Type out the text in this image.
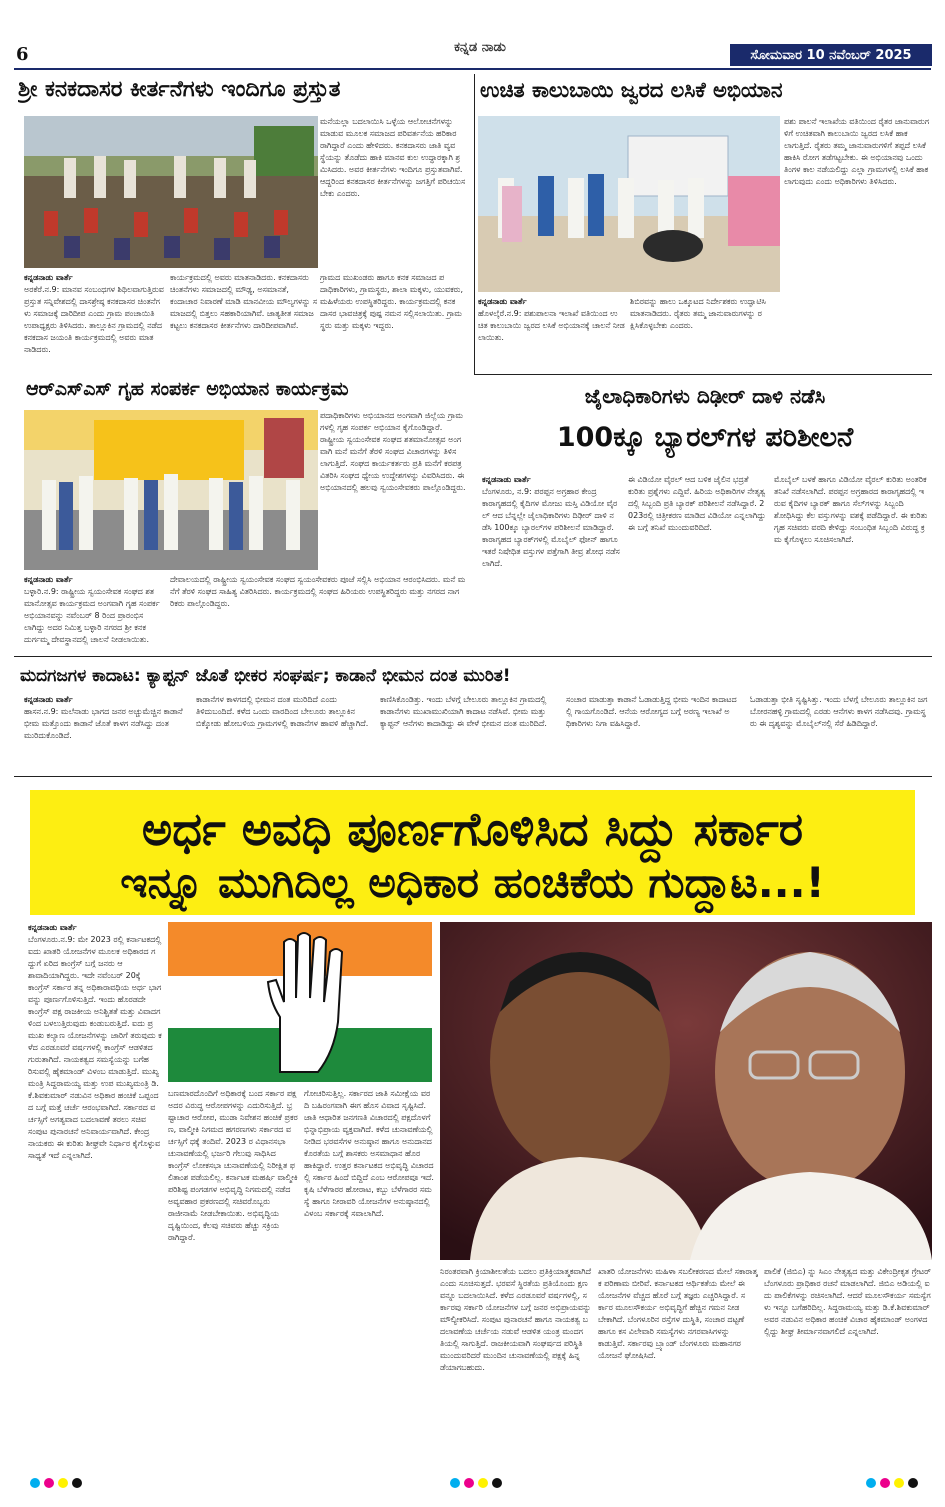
6	ಕನ್ನಡ ನಾಡು	ಸೋಮವಾರ 10 ನವೆಂಬರ್ 2025
ಶ್ರೀ ಕನಕದಾಸರ ಕೀರ್ತನೆಗಳು ಇಂದಿಗೂ ಪ್ರಸ್ತುತ
ಮನೆಯಲ್ಲಾ ಬದಲಾಯಿಸಿ ಒಳ್ಳೆಯ ಆಲೋಚನೆಗಳನ್ನು ಮಾಡುವ ಮೂಲಕ ಸಮಾಜದ ಪರಿವರ್ತನೆಯ ಹರಿಕಾರರಾಗಿದ್ದಾರೆ ಎಂದು ಹೇಳಿದರು. ಕನಕದಾಸರು ಜಾತಿ ವ್ಯವಸ್ಥೆಯನ್ನು ತೊಡೆದು ಹಾಕಿ ಮಾನವ ಕುಲ ಉದ್ಧಾರಕ್ಕಾಗಿ ಶ್ರಮಿಸಿದರು. ಅವರ ಕೀರ್ತನೆಗಳು ಇಂದಿಗೂ ಪ್ರಸ್ತುತವಾಗಿವೆ. ಆದ್ದರಿಂದ ಕನಕದಾಸರ ಕೀರ್ತನೆಗಳನ್ನು ಜಗತ್ತಿಗೆ ಪರಿಚಯಿಸಬೇಕು ಎಂದರು.
ಕನ್ನಡನಾಡು ವಾರ್ತೆ
ಅರಕೆರೆ.ನ.9: ಮಾನವ ಸಂಬಂಧಗಳ ಶಿಥಿಲವಾಗುತ್ತಿರುವ ಪ್ರಸ್ತುತ ಸನ್ನಿವೇಶದಲ್ಲಿ ದಾಸಶ್ರೇಷ್ಠ ಕನಕದಾಸರ ಚಿಂತನೆಗಳು ಸಮಾಜಕ್ಕೆ ದಾರಿದೀಪ ಎಂದು ಗ್ರಾಮ ಪಂಚಾಯಿತಿ ಉಪಾಧ್ಯಕ್ಷರು ತಿಳಿಸಿದರು. ತಾಲ್ಲೂಕಿನ ಗ್ರಾಮದಲ್ಲಿ ನಡೆದ ಕನಕದಾಸ ಜಯಂತಿ ಕಾರ್ಯಕ್ರಮದಲ್ಲಿ ಅವರು ಮಾತನಾಡಿದರು.
ಕಾರ್ಯಕ್ರಮದಲ್ಲಿ ಅವರು ಮಾತನಾಡಿದರು. ಕನಕದಾಸರು ಚಿಂತನೆಗಳು ಸಮಾಜದಲ್ಲಿ ಮೌಢ್ಯ, ಅಸಮಾನತೆ, ಕಂದಾಚಾರ ನಿವಾರಣೆ ಮಾಡಿ ಮಾನವೀಯ ಮೌಲ್ಯಗಳನ್ನು ಸಮಾಜದಲ್ಲಿ ಬಿತ್ತಲು ಸಹಕಾರಿಯಾಗಿವೆ. ಜಾತ್ಯತೀತ ಸಮಾಜ ಕಟ್ಟಲು ಕನಕದಾಸರ ಕೀರ್ತನೆಗಳು ದಾರಿದೀಪವಾಗಿವೆ.
ಗ್ರಾಮದ ಮುಖಂಡರು ಹಾಗೂ ಕನಕ ಸಮಾಜದ ಪದಾಧಿಕಾರಿಗಳು, ಗ್ರಾಮಸ್ಥರು, ಶಾಲಾ ಮಕ್ಕಳು, ಯುವಕರು, ಮಹಿಳೆಯರು ಉಪಸ್ಥಿತರಿದ್ದರು. ಕಾರ್ಯಕ್ರಮದಲ್ಲಿ ಕನಕದಾಸರ ಭಾವಚಿತ್ರಕ್ಕೆ ಪುಷ್ಪ ನಮನ ಸಲ್ಲಿಸಲಾಯಿತು. ಗ್ರಾಮಸ್ಥರು ಮತ್ತು ಮಕ್ಕಳು ಇದ್ದರು.
ಉಚಿತ ಕಾಲುಬಾಯಿ ಜ್ವರದ ಲಸಿಕೆ ಅಭಿಯಾನ
ಪಶು ಪಾಲನೆ ಇಲಾಖೆಯ ವತಿಯಿಂದ ರೈತರ ಜಾನುವಾರುಗಳಿಗೆ ಉಚಿತವಾಗಿ ಕಾಲುಬಾಯಿ ಜ್ವರದ ಲಸಿಕೆ ಹಾಕಲಾಗುತ್ತಿದೆ. ರೈತರು ತಮ್ಮ ಜಾನುವಾರುಗಳಿಗೆ ತಪ್ಪದೆ ಲಸಿಕೆ ಹಾಕಿಸಿ ರೋಗ ತಡೆಗಟ್ಟಬೇಕು. ಈ ಅಭಿಯಾನವು ಒಂದು ತಿಂಗಳ ಕಾಲ ನಡೆಯಲಿದ್ದು ಎಲ್ಲಾ ಗ್ರಾಮಗಳಲ್ಲಿ ಲಸಿಕೆ ಹಾಕಲಾಗುವುದು ಎಂದು ಅಧಿಕಾರಿಗಳು ತಿಳಿಸಿದರು.
ಕನ್ನಡನಾಡು ವಾರ್ತೆ
ಹೊಳಲ್ಕೆರೆ.ನ.9: ಪಶುಪಾಲನಾ ಇಲಾಖೆ ವತಿಯಿಂದ ಉಚಿತ ಕಾಲುಬಾಯಿ ಜ್ವರದ ಲಸಿಕೆ ಅಭಿಯಾನಕ್ಕೆ ಚಾಲನೆ ನೀಡಲಾಯಿತು.
ಶಿಬಿರವನ್ನು ಹಾಲು ಒಕ್ಕೂಟದ ನಿರ್ದೇಶಕರು ಉದ್ಘಾಟಿಸಿ ಮಾತನಾಡಿದರು. ರೈತರು ತಮ್ಮ ಜಾನುವಾರುಗಳನ್ನು ರಕ್ಷಿಸಿಕೊಳ್ಳಬೇಕು ಎಂದರು.
ಆರ್‌ಎಸ್‌ಎಸ್ ಗೃಹ ಸಂಪರ್ಕ ಅಭಿಯಾನ ಕಾರ್ಯಕ್ರಮ
ಪದಾಧಿಕಾರಿಗಳು ಅಭಿಯಾನದ ಅಂಗವಾಗಿ ಜಿಲ್ಲೆಯ ಗ್ರಾಮಗಳಲ್ಲಿ ಗೃಹ ಸಂಪರ್ಕ ಅಭಿಯಾನ ಕೈಗೊಂಡಿದ್ದಾರೆ. ರಾಷ್ಟ್ರೀಯ ಸ್ವಯಂಸೇವಕ ಸಂಘದ ಶತಮಾನೋತ್ಸವ ಅಂಗವಾಗಿ ಮನೆ ಮನೆಗೆ ತೆರಳಿ ಸಂಘದ ವಿಚಾರಗಳನ್ನು ತಿಳಿಸಲಾಗುತ್ತಿದೆ. ಸಂಘದ ಕಾರ್ಯಕರ್ತರು ಪ್ರತಿ ಮನೆಗೆ ಕರಪತ್ರ ವಿತರಿಸಿ ಸಂಘದ ಧ್ಯೇಯ ಉದ್ದೇಶಗಳನ್ನು ವಿವರಿಸಿದರು. ಈ ಅಭಿಯಾನದಲ್ಲಿ ಹಲವು ಸ್ವಯಂಸೇವಕರು ಪಾಲ್ಗೊಂಡಿದ್ದರು.
ಕನ್ನಡನಾಡು ವಾರ್ತೆ
ಬಳ್ಳಾರಿ.ನ.9: ರಾಷ್ಟ್ರೀಯ ಸ್ವಯಂಸೇವಕ ಸಂಘದ ಶತಮಾನೋತ್ಸವ ಕಾರ್ಯಕ್ರಮದ ಅಂಗವಾಗಿ ಗೃಹ ಸಂಪರ್ಕ ಅಭಿಯಾನವನ್ನು ನವೆಂಬರ್ 8 ರಿಂದ ಪ್ರಾರಂಭಿಸಲಾಗಿದ್ದು ಅದರ ನಿಮಿತ್ತ ಬಳ್ಳಾರಿ ನಗರದ ಶ್ರೀ ಕನಕ ದುರ್ಗಮ್ಮ ದೇವಸ್ಥಾನದಲ್ಲಿ ಚಾಲನೆ ನೀಡಲಾಯಿತು.
ದೇವಾಲಯದಲ್ಲಿ ರಾಷ್ಟ್ರೀಯ ಸ್ವಯಂಸೇವಕ ಸಂಘದ ಸ್ವಯಂಸೇವಕರು ಪೂಜೆ ಸಲ್ಲಿಸಿ ಅಭಿಯಾನ ಆರಂಭಿಸಿದರು. ಮನೆ ಮನೆಗೆ ತೆರಳಿ ಸಂಘದ ಸಾಹಿತ್ಯ ವಿತರಿಸಿದರು. ಕಾರ್ಯಕ್ರಮದಲ್ಲಿ ಸಂಘದ ಹಿರಿಯರು ಉಪಸ್ಥಿತರಿದ್ದರು ಮತ್ತು ನಗರದ ನಾಗರಿಕರು ಪಾಲ್ಗೊಂಡಿದ್ದರು.
ಜೈಲಾಧಿಕಾರಿಗಳು ದಿಢೀರ್ ದಾಳಿ ನಡೆಸಿ
100ಕ್ಕೂ ಬ್ಯಾರಲ್‌ಗಳ ಪರಿಶೀಲನೆ
ಕನ್ನಡನಾಡು ವಾರ್ತೆ
ಬೆಂಗಳೂರು, ನ.9: ಪರಪ್ಪನ ಅಗ್ರಹಾರ ಕೇಂದ್ರ ಕಾರಾಗೃಹದಲ್ಲಿ ಕೈದಿಗಳ ಮೋಜು ಮಸ್ತಿ ವಿಡಿಯೋ ವೈರಲ್ ಆದ ಬೆನ್ನಲ್ಲೇ ಜೈಲಾಧಿಕಾರಿಗಳು ದಿಢೀರ್ ದಾಳಿ ನಡೆಸಿ 100ಕ್ಕೂ ಬ್ಯಾರಲ್‌ಗಳ ಪರಿಶೀಲನೆ ಮಾಡಿದ್ದಾರೆ. ಕಾರಾಗೃಹದ ಬ್ಯಾರಕ್‌ಗಳಲ್ಲಿ ಮೊಬೈಲ್ ಫೋನ್ ಹಾಗೂ ಇತರೆ ನಿಷೇಧಿತ ವಸ್ತುಗಳ ಪತ್ತೆಗಾಗಿ ತೀವ್ರ ಶೋಧ ನಡೆಸಲಾಗಿದೆ.
ಈ ವಿಡಿಯೋ ವೈರಲ್ ಆದ ಬಳಿಕ ಜೈಲಿನ ಭದ್ರತೆ ಕುರಿತು ಪ್ರಶ್ನೆಗಳು ಎದ್ದಿವೆ. ಹಿರಿಯ ಅಧಿಕಾರಿಗಳ ನೇತೃತ್ವದಲ್ಲಿ ಸಿಬ್ಬಂದಿ ಪ್ರತಿ ಬ್ಯಾರಕ್ ಪರಿಶೀಲನೆ ನಡೆಸಿದ್ದಾರೆ. 2023ರಲ್ಲಿ ಚಿತ್ರೀಕರಣ ಮಾಡಿದ ವಿಡಿಯೋ ಎನ್ನಲಾಗಿದ್ದು ಈ ಬಗ್ಗೆ ತನಿಖೆ ಮುಂದುವರಿದಿದೆ.
ಮೊಬೈಲ್ ಬಳಕೆ ಹಾಗೂ ವಿಡಿಯೋ ವೈರಲ್ ಕುರಿತು ಅಂತರಿಕ ತನಿಖೆ ನಡೆಸಲಾಗಿದೆ. ಪರಪ್ಪನ ಅಗ್ರಹಾರದ ಕಾರಾಗೃಹದಲ್ಲಿ ಇರುವ ಕೈದಿಗಳ ಬ್ಯಾರಕ್ ಹಾಗೂ ಸೆಲ್‌ಗಳನ್ನು ಸಿಬ್ಬಂದಿ ಶೋಧಿಸಿದ್ದು ಕೆಲ ವಸ್ತುಗಳನ್ನು ವಶಕ್ಕೆ ಪಡೆದಿದ್ದಾರೆ. ಈ ಕುರಿತು ಗೃಹ ಸಚಿವರು ವರದಿ ಕೇಳಿದ್ದು ಸಂಬಂಧಿತ ಸಿಬ್ಬಂದಿ ವಿರುದ್ಧ ಕ್ರಮ ಕೈಗೊಳ್ಳಲು ಸೂಚಿಸಲಾಗಿದೆ.
ಮದಗಜಗಳ ಕಾದಾಟ: ಕ್ಯಾಪ್ಟನ್ ಜೊತೆ ಭೀಕರ ಸಂಘರ್ಷ; ಕಾಡಾನೆ ಭೀಮನ ದಂತ ಮುರಿತ!
ಕನ್ನಡನಾಡು ವಾರ್ತೆ
ಹಾಸನ.ನ.9: ಮಲೆನಾಡು ಭಾಗದ ಜನರ ಅಚ್ಚುಮೆಚ್ಚಿನ ಕಾಡಾನೆ ಭೀಮ ಮತ್ತೊಂದು ಕಾಡಾನೆ ಜೊತೆ ಕಾಳಗ ನಡೆಸಿದ್ದು ದಂತ ಮುರಿದುಕೊಂಡಿದೆ.
ಕಾಡಾನೆಗಳ ಕಾಳಗದಲ್ಲಿ ಭೀಮನ ದಂತ ಮುರಿದಿದೆ ಎಂದು ತಿಳಿದುಬಂದಿದೆ. ಕಳೆದ ಒಂದು ವಾರದಿಂದ ಬೇಲೂರು ತಾಲ್ಲೂಕಿನ ಬಿಕ್ಕೋಡು ಹೋಬಳಿಯ ಗ್ರಾಮಗಳಲ್ಲಿ ಕಾಡಾನೆಗಳ ಹಾವಳಿ ಹೆಚ್ಚಾಗಿದೆ.
ಕಾಣಿಸಿಕೊಂಡಿತ್ತು. ಇಂದು ಬೆಳಗ್ಗೆ ಬೇಲೂರು ತಾಲ್ಲೂಕಿನ ಗ್ರಾಮದಲ್ಲಿ ಕಾಡಾನೆಗಳು ಮುಖಾಮುಖಿಯಾಗಿ ಕಾದಾಟ ನಡೆಸಿವೆ. ಭೀಮ ಮತ್ತು ಕ್ಯಾಪ್ಟನ್ ಆನೆಗಳು ಕಾದಾಡಿದ್ದು ಈ ವೇಳೆ ಭೀಮನ ದಂತ ಮುರಿದಿದೆ.
ಸಂಚಾರ ಮಾಡುತ್ತಾ ಕಾಡಾನೆ ಓಡಾಡುತ್ತಿದ್ದ ಭೀಮ ಇಂದಿನ ಕಾದಾಟದಲ್ಲಿ ಗಾಯಗೊಂಡಿದೆ. ಆನೆಯ ಆರೋಗ್ಯದ ಬಗ್ಗೆ ಅರಣ್ಯ ಇಲಾಖೆ ಅಧಿಕಾರಿಗಳು ನಿಗಾ ವಹಿಸಿದ್ದಾರೆ.
ಓಡಾಡುತ್ತಾ ಭೀತಿ ಸೃಷ್ಟಿಸಿತ್ತು. ಇಂದು ಬೆಳಗ್ಗೆ ಬೇಲೂರು ತಾಲ್ಲೂಕಿನ ಜಗಬೋರನಹಳ್ಳಿ ಗ್ರಾಮದಲ್ಲಿ ಎರಡು ಆನೆಗಳು ಕಾಳಗ ನಡೆಸಿದವು. ಗ್ರಾಮಸ್ಥರು ಈ ದೃಶ್ಯವನ್ನು ಮೊಬೈಲ್‌ನಲ್ಲಿ ಸೆರೆ ಹಿಡಿದಿದ್ದಾರೆ.
ಅರ್ಧ ಅವಧಿ ಪೂರ್ಣಗೊಳಿಸಿದ ಸಿದ್ದು ಸರ್ಕಾರ
ಇನ್ನೂ ಮುಗಿದಿಲ್ಲ ಅಧಿಕಾರ ಹಂಚಿಕೆಯ ಗುದ್ದಾಟ...!
ಕನ್ನಡನಾಡು ವಾರ್ತೆ
ಬೆಂಗಳೂರು.ನ.9: ಮೇ 2023 ರಲ್ಲಿ ಕರ್ನಾಟಕದಲ್ಲಿ ಐದು ಖಾತರಿ ಯೋಜನೆಗಳ ಮೂಲಕ ಅಧಿಕಾರದ ಗದ್ದುಗೆ ಏರಿದ ಕಾಂಗ್ರೆಸ್ ಬಗ್ಗೆ ಜನರು ಆಶಾವಾದಿಯಾಗಿದ್ದರು. ಇದೇ ನವೆಂಬರ್ 20ಕ್ಕೆ ಕಾಂಗ್ರೆಸ್ ಸರ್ಕಾರ ತನ್ನ ಅಧಿಕಾರಾವಧಿಯ ಅರ್ಧ ಭಾಗವನ್ನು ಪೂರ್ಣಗೊಳಿಸುತ್ತಿದೆ. ಇಂದು ಹೊರಡದೇ ಕಾಂಗ್ರೆಸ್ ಪಕ್ಷ ರಾಜಕೀಯ ಅನಿಶ್ಚಿತತೆ ಮತ್ತು ವಿವಾದಗಳಿಂದ ಬಳಲುತ್ತಿರುವುದು ಕಂಡುಬರುತ್ತಿದೆ. ಐದು ಪ್ರಮುಖ ಕಲ್ಯಾಣ ಯೋಜನೆಗಳನ್ನು ಜಾರಿಗೆ ತರುವುದು ಕಳೆದ ಎರಡೂವರೆ ವರ್ಷಗಳಲ್ಲಿ ಕಾಂಗ್ರೆಸ್ ಆಡಳಿತದ ಗುರುತಾಗಿದೆ. ನಾಯಕತ್ವದ ಸಮಸ್ಯೆಯನ್ನು ಬಗೆಹರಿಸುವಲ್ಲಿ ಹೈಕಮಾಂಡ್ ವಿಳಂಬ ಮಾಡುತ್ತಿದೆ. ಮುಖ್ಯಮಂತ್ರಿ ಸಿದ್ದರಾಮಯ್ಯ ಮತ್ತು ಉಪ ಮುಖ್ಯಮಂತ್ರಿ ಡಿ.ಕೆ.ಶಿವಕುಮಾರ್ ನಡುವಿನ ಅಧಿಕಾರ ಹಂಚಿಕೆ ಒಪ್ಪಂದದ ಬಗ್ಗೆ ಮತ್ತೆ ಚರ್ಚೆ ಆರಂಭವಾಗಿದೆ. ಸರ್ಕಾರದ ವರ್ಚಸ್ಸಿಗೆ ಅಗತ್ಯವಾದ ಬದಲಾವಣೆ ತರಲು ಸಚಿವ ಸಂಪುಟ ಪುನಾರಚನೆ ಅನಿವಾರ್ಯವಾಗಿದೆ. ಕೇಂದ್ರ ನಾಯಕರು ಈ ಕುರಿತು ಶೀಘ್ರವೇ ನಿರ್ಧಾರ ಕೈಗೊಳ್ಳುವ ಸಾಧ್ಯತೆ ಇದೆ ಎನ್ನಲಾಗಿದೆ.
ಬಣಮಾರದೊಂದಿಗೆ ಅಧಿಕಾರಕ್ಕೆ ಬಂದ ಸರ್ಕಾರ ಪಕ್ಷ ಅದರ ವಿರುದ್ಧ ಆರೋಪಗಳನ್ನು ಎದುರಿಸುತ್ತಿದೆ. ಭ್ರಷ್ಟಾಚಾರ ಆರೋಪ, ಮುಡಾ ನಿವೇಶನ ಹಂಚಿಕೆ ಪ್ರಕರಣ, ವಾಲ್ಮೀಕಿ ನಿಗಮದ ಹಗರಣಗಳು ಸರ್ಕಾರದ ವರ್ಚಸ್ಸಿಗೆ ಧಕ್ಕೆ ತಂದಿವೆ. 2023 ರ ವಿಧಾನಸಭಾ ಚುನಾವಣೆಯಲ್ಲಿ ಭರ್ಜರಿ ಗೆಲುವು ಸಾಧಿಸಿದ ಕಾಂಗ್ರೆಸ್ ಲೋಕಸಭಾ ಚುನಾವಣೆಯಲ್ಲಿ ನಿರೀಕ್ಷಿತ ಫಲಿತಾಂಶ ಪಡೆಯಲಿಲ್ಲ. ಕರ್ನಾಟಕ ಮಹರ್ಷಿ ವಾಲ್ಮೀಕಿ ಪರಿಶಿಷ್ಟ ಪಂಗಡಗಳ ಅಭಿವೃದ್ಧಿ ನಿಗಮದಲ್ಲಿ ನಡೆದ ಅವ್ಯವಹಾರ ಪ್ರಕರಣದಲ್ಲಿ ಸಚಿವರೊಬ್ಬರು ರಾಜೀನಾಮೆ ನೀಡಬೇಕಾಯಿತು. ಅಭಿವೃದ್ಧಿಯ ದೃಷ್ಟಿಯಿಂದ, ಕೆಲವು ಸಚಿವರು ಹೆಚ್ಚು ಸಕ್ರಿಯರಾಗಿದ್ದಾರೆ.
ಗೋಚರಿಸುತ್ತಿಲ್ಲ. ಸರ್ಕಾರದ ಜಾತಿ ಸಮೀಕ್ಷೆಯ ವರದಿ ಬಹಿರಂಗವಾಗಿ ಈಗ ಹೊಸ ವಿವಾದ ಸೃಷ್ಟಿಸಿದೆ. ಜಾತಿ ಆಧಾರಿತ ಜನಗಣತಿ ವಿಚಾರದಲ್ಲಿ ಪಕ್ಷದೊಳಗೆ ಭಿನ್ನಾಭಿಪ್ರಾಯ ವ್ಯಕ್ತವಾಗಿದೆ. ಕಳೆದ ಚುನಾವಣೆಯಲ್ಲಿ ನೀಡಿದ ಭರವಸೆಗಳ ಅನುಷ್ಠಾನ ಹಾಗೂ ಅನುದಾನದ ಕೊರತೆಯ ಬಗ್ಗೆ ಶಾಸಕರು ಅಸಮಾಧಾನ ಹೊರಹಾಕಿದ್ದಾರೆ. ಉತ್ತರ ಕರ್ನಾಟಕದ ಅಭಿವೃದ್ಧಿ ವಿಚಾರದಲ್ಲಿ ಸರ್ಕಾರ ಹಿಂದೆ ಬಿದ್ದಿದೆ ಎಂಬ ಆರೋಪವೂ ಇದೆ. ಕೃಷಿ ಬೆಳೆಗಾರರ ಹೋರಾಟ, ಕಬ್ಬು ಬೆಳೆಗಾರರ ಸಮಸ್ಯೆ ಹಾಗೂ ನೀರಾವರಿ ಯೋಜನೆಗಳ ಅನುಷ್ಠಾನದಲ್ಲಿ ವಿಳಂಬ ಸರ್ಕಾರಕ್ಕೆ ಸವಾಲಾಗಿದೆ.
ನಿರಂತರವಾಗಿ ಕ್ರಿಯಾಶೀಲತೆಯ ಬದಲು ಪ್ರತಿಕ್ರಿಯಾತ್ಮಕವಾಗಿದೆ ಎಂದು ಸೂಚಿಸುತ್ತದೆ. ಭರವಸೆ ಸ್ಥಿರತೆಯ ಪ್ರತಿಯೊಂದು ಕ್ಷಣವನ್ನೂ ಬದಲಾಯಿಸಿದೆ. ಕಳೆದ ಎರಡೂವರೆ ವರ್ಷಗಳಲ್ಲಿ, ಸರ್ಕಾರವು ಸರ್ಕಾರಿ ಯೋಜನೆಗಳ ಬಗ್ಗೆ ಜನರ ಅಭಿಪ್ರಾಯವನ್ನು ಮೌಲ್ಯೀಕರಿಸಿದೆ. ಸಂಪುಟ ಪುನಾರಚನೆ ಹಾಗೂ ನಾಯಕತ್ವ ಬದಲಾವಣೆಯ ಚರ್ಚೆಯ ನಡುವೆ ಆಡಳಿತ ಯಂತ್ರ ಮಂದಗತಿಯಲ್ಲಿ ಸಾಗುತ್ತಿದೆ. ರಾಜಕೀಯವಾಗಿ ಸಂಘರ್ಷದ ಪರಿಸ್ಥಿತಿ ಮುಂದುವರಿದರೆ ಮುಂದಿನ ಚುನಾವಣೆಯಲ್ಲಿ ಪಕ್ಷಕ್ಕೆ ಹಿನ್ನಡೆಯಾಗಬಹುದು.
ಖಾತರಿ ಯೋಜನೆಗಳು ಮಹಿಳಾ ಸಬಲೀಕರಣದ ಮೇಲೆ ಸಕಾರಾತ್ಮಕ ಪರಿಣಾಮ ಬೀರಿವೆ. ಕರ್ನಾಟಕದ ಆರ್ಥಿಕತೆಯ ಮೇಲೆ ಈ ಯೋಜನೆಗಳ ವೆಚ್ಚದ ಹೊರೆ ಬಗ್ಗೆ ತಜ್ಞರು ಎಚ್ಚರಿಸಿದ್ದಾರೆ. ಸರ್ಕಾರ ಮೂಲಸೌಕರ್ಯ ಅಭಿವೃದ್ಧಿಗೆ ಹೆಚ್ಚಿನ ಗಮನ ನೀಡಬೇಕಾಗಿದೆ. ಬೆಂಗಳೂರಿನ ರಸ್ತೆಗಳ ದುಸ್ಥಿತಿ, ಸಂಚಾರ ದಟ್ಟಣೆ ಹಾಗೂ ಕಸ ವಿಲೇವಾರಿ ಸಮಸ್ಯೆಗಳು ನಗರವಾಸಿಗಳನ್ನು ಕಾಡುತ್ತಿವೆ. ಸರ್ಕಾರವು ಬ್ರ್ಯಾಂಡ್ ಬೆಂಗಳೂರು ಮಹಾನಗರ ಯೋಜನೆ ಘೋಷಿಸಿದೆ.
ಪಾಲಿಕೆ (ಜಿಬಿಎ) ನ್ನು ಸಿಎಂ ನೇತೃತ್ವದ ಮತ್ತು ವಿಕೇಂದ್ರೀಕೃತ ಗ್ರೇಟರ್ ಬೆಂಗಳೂರು ಪ್ರಾಧಿಕಾರ ರಚನೆ ಮಾಡಲಾಗಿದೆ. ಜಿಬಿಎ ಅಡಿಯಲ್ಲಿ ಐದು ಪಾಲಿಕೆಗಳನ್ನು ರಚಿಸಲಾಗಿದೆ. ಆದರೆ ಮೂಲಸೌಕರ್ಯ ಸಮಸ್ಯೆಗಳು ಇನ್ನೂ ಬಗೆಹರಿದಿಲ್ಲ. ಸಿದ್ದರಾಮಯ್ಯ ಮತ್ತು ಡಿ.ಕೆ.ಶಿವಕುಮಾರ್ ಅವರ ನಡುವಿನ ಅಧಿಕಾರ ಹಂಚಿಕೆ ವಿಚಾರ ಹೈಕಮಾಂಡ್ ಅಂಗಳದಲ್ಲಿದ್ದು ಶೀಘ್ರ ತೀರ್ಮಾನವಾಗಲಿದೆ ಎನ್ನಲಾಗಿದೆ.
